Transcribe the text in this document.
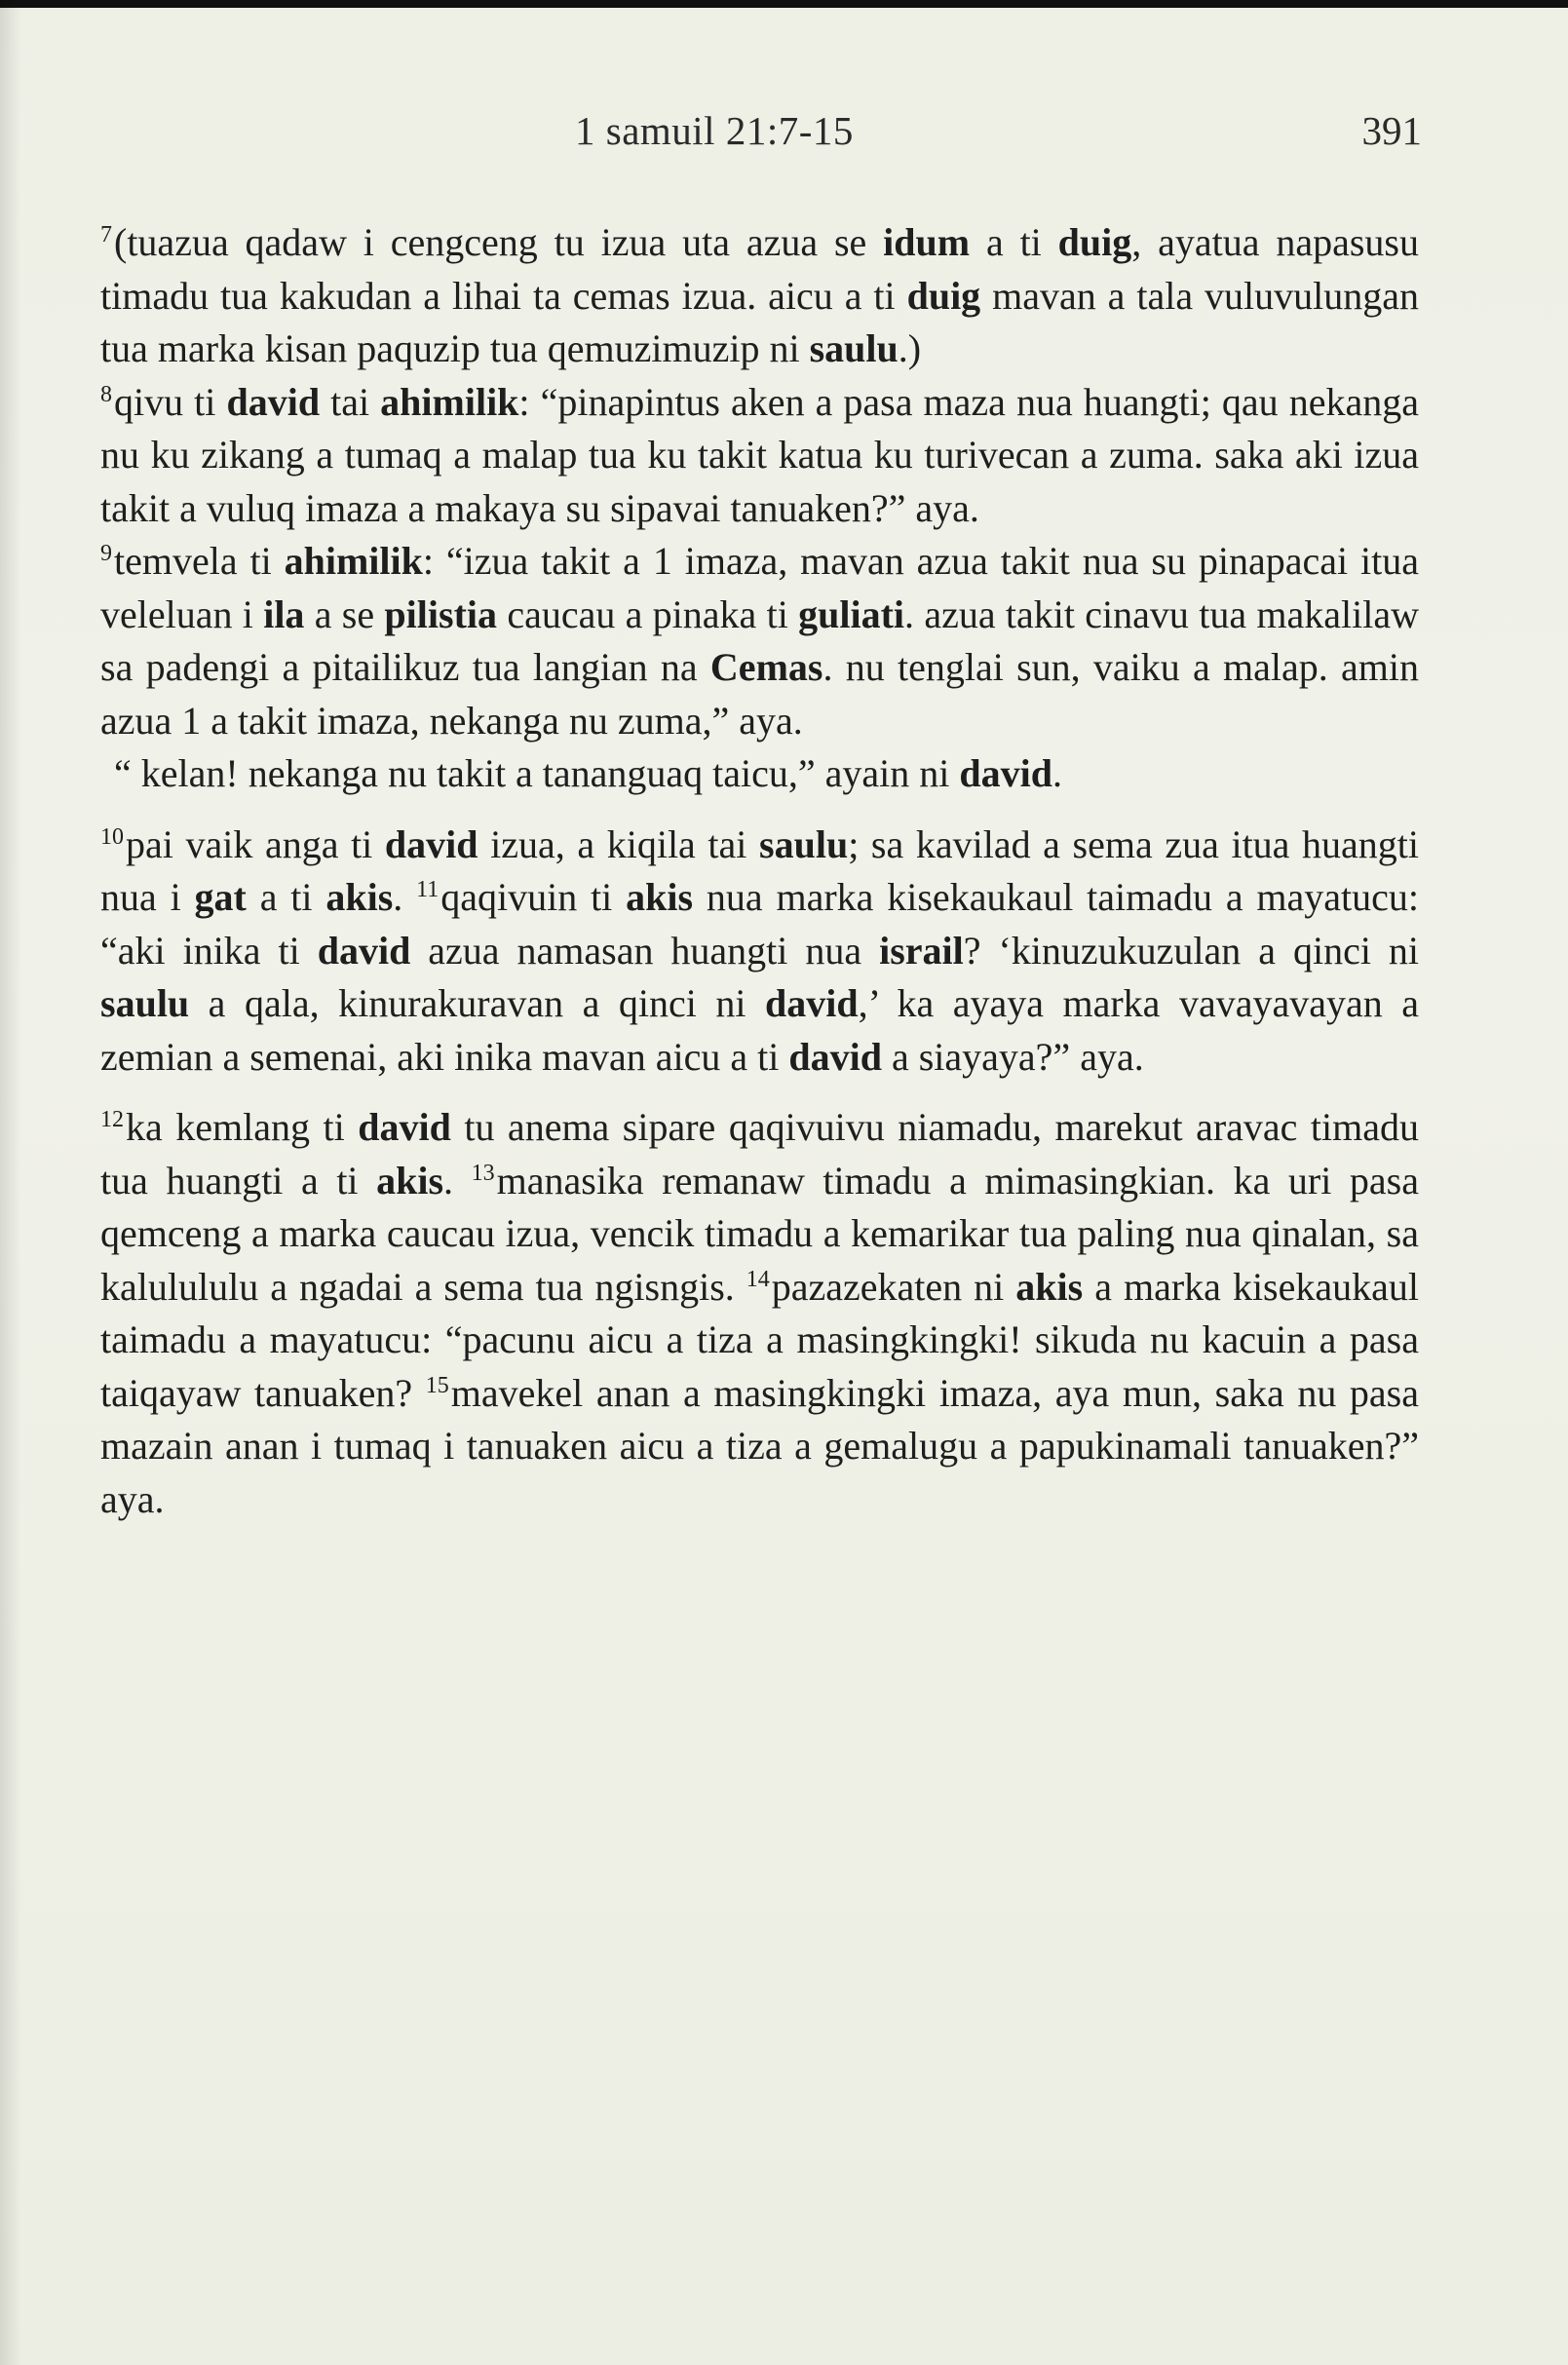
1 samuil 21:7-15	391

$^7$(tuazua qadaw i cengceng tu izua uta azua se idum a ti duig, ayatua napasusu timadu tua kakudan a lihai ta cemas izua. aicu a ti duig mavan a tala vuluvulungan tua marka kisan paquzip tua qemuzimuzip ni saulu.)

$^8$qivu ti david tai ahimilik: “pinapintus aken a pasa maza nua huangti; qau nekanga nu ku zikang a tumaq a malap tua ku takit katua ku turivecan a zuma. saka aki izua takit a vuluq imaza a makaya su sipavai tanuaken?” aya.

$^9$temvela ti ahimilik: “izua takit a 1 imaza, mavan azua takit nua su pinapacai itua veleluan i ila a se pilistia caucau a pinaka ti guliati. azua takit cinavu tua makalilaw sa padengi a pitailikuz tua langian na Cemas. nu tenglai sun, vaiku a malap. amin azua 1 a takit imaza, nekanga nu zuma,” aya.

“ kelan! nekanga nu takit a tananguaq taicu,” ayain ni david.

$^{10}$pai vaik anga ti david izua, a kiqila tai saulu; sa kavilad a sema zua itua huangti nua i gat a ti akis. $^{11}$qaqivuin ti akis nua marka kisekaukaul taimadu a mayatucu: “aki inika ti david azua namasan huangti nua israil? ‘kinuzukuzulan a qinci ni saulu a qala, kinurakuravan a qinci ni david,’ ka ayaya marka vavayavayan a zemian a semenai, aki inika mavan aicu a ti david a siayaya?” aya.

$^{12}$ka kemlang ti david tu anema sipare qaqivuivu niamadu, marekut aravac timadu tua huangti a ti akis. $^{13}$manasika remanaw timadu a mimasingkian. ka uri pasa qemceng a marka caucau izua, vencik timadu a kemarikar tua paling nua qinalan, sa kalulululu a ngadai a sema tua ngisngis. $^{14}$pazazekaten ni akis a marka kisekaukaul taimadu a mayatucu: “pacunu aicu a tiza a masingkingki! sikuda nu kacuin a pasa taiqayaw tanuaken? $^{15}$mavekel anan a masingkingki imaza, aya mun, saka nu pasa mazain anan i tumaq i tanuaken aicu a tiza a gemalugu a papukinamali tanuaken?” aya.
